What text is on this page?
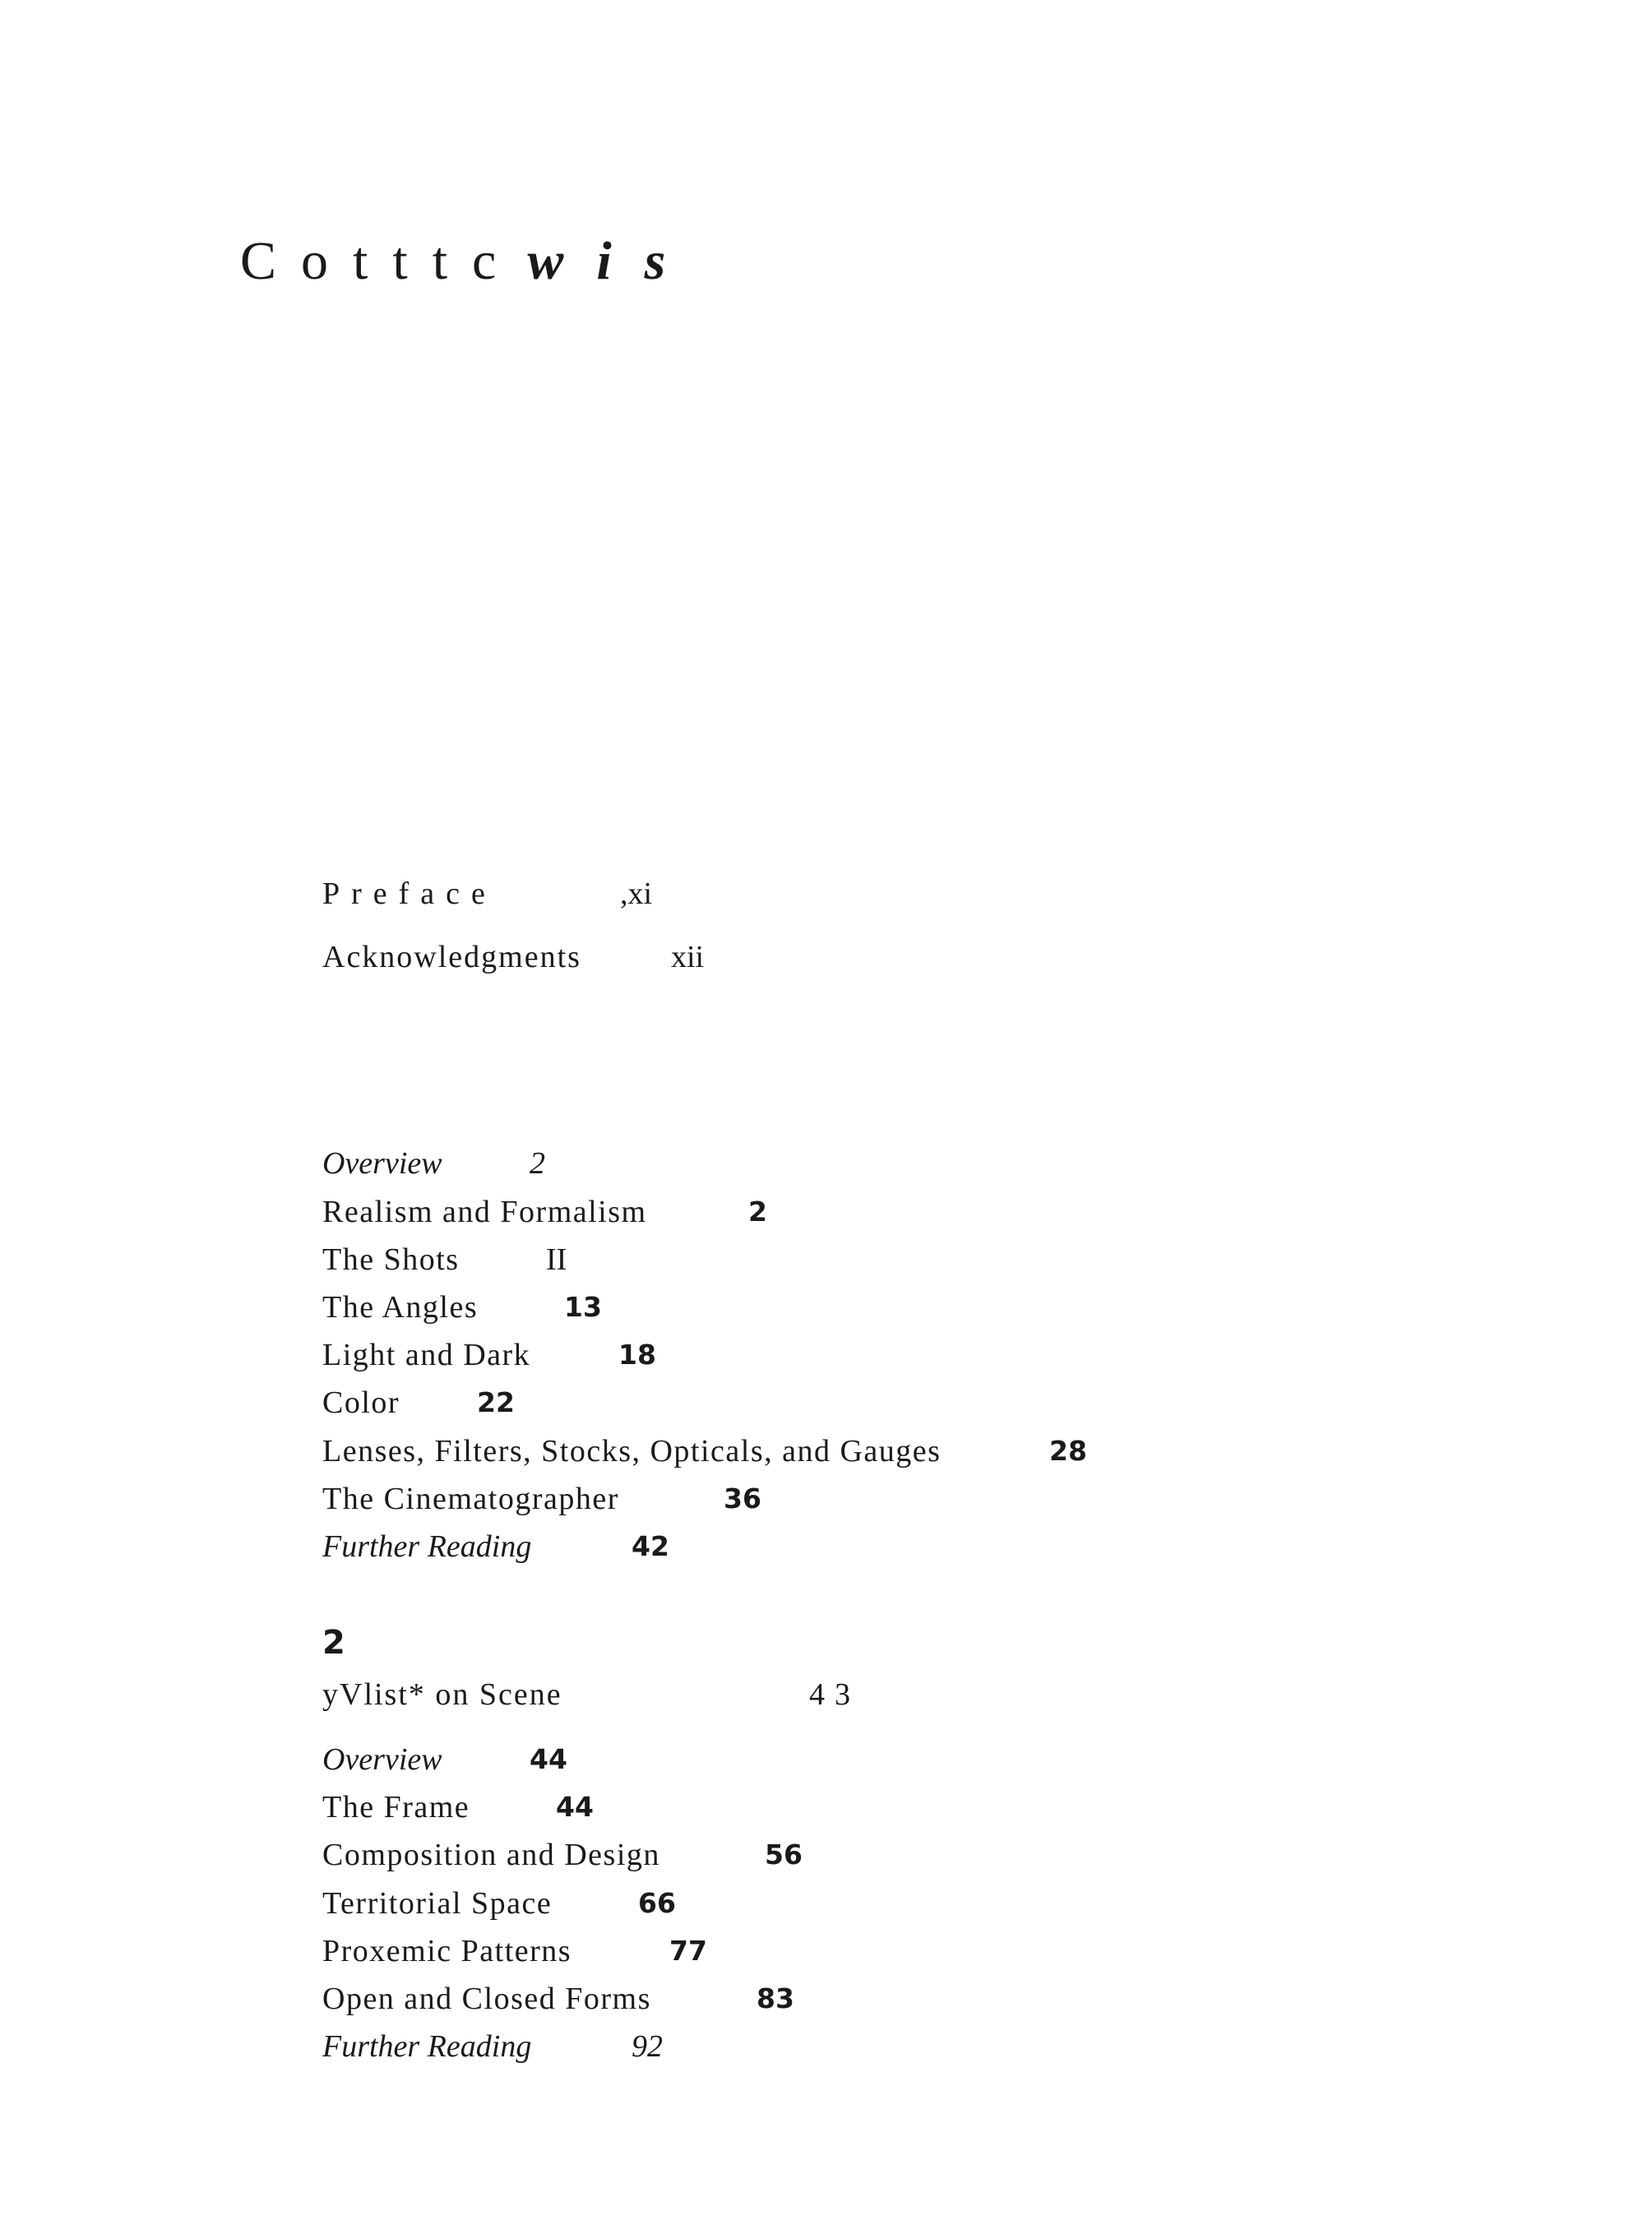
Cotttc wis
Preface	,xi
Acknowledgments	xii
Overview	2
Realism and Formalism	2
The Shots	II
The Angles	13
Light and Dark	18
Color	22
Lenses, Filters, Stocks, Opticals, and Gauges	28
The Cinematographer	36
Further Reading	42
2
yVlist* on Scene	43
Overview	44
The Frame	44
Composition and Design	56
Territorial Space	66
Proxemic Patterns	77
Open and Closed Forms	83
Further Reading	92
